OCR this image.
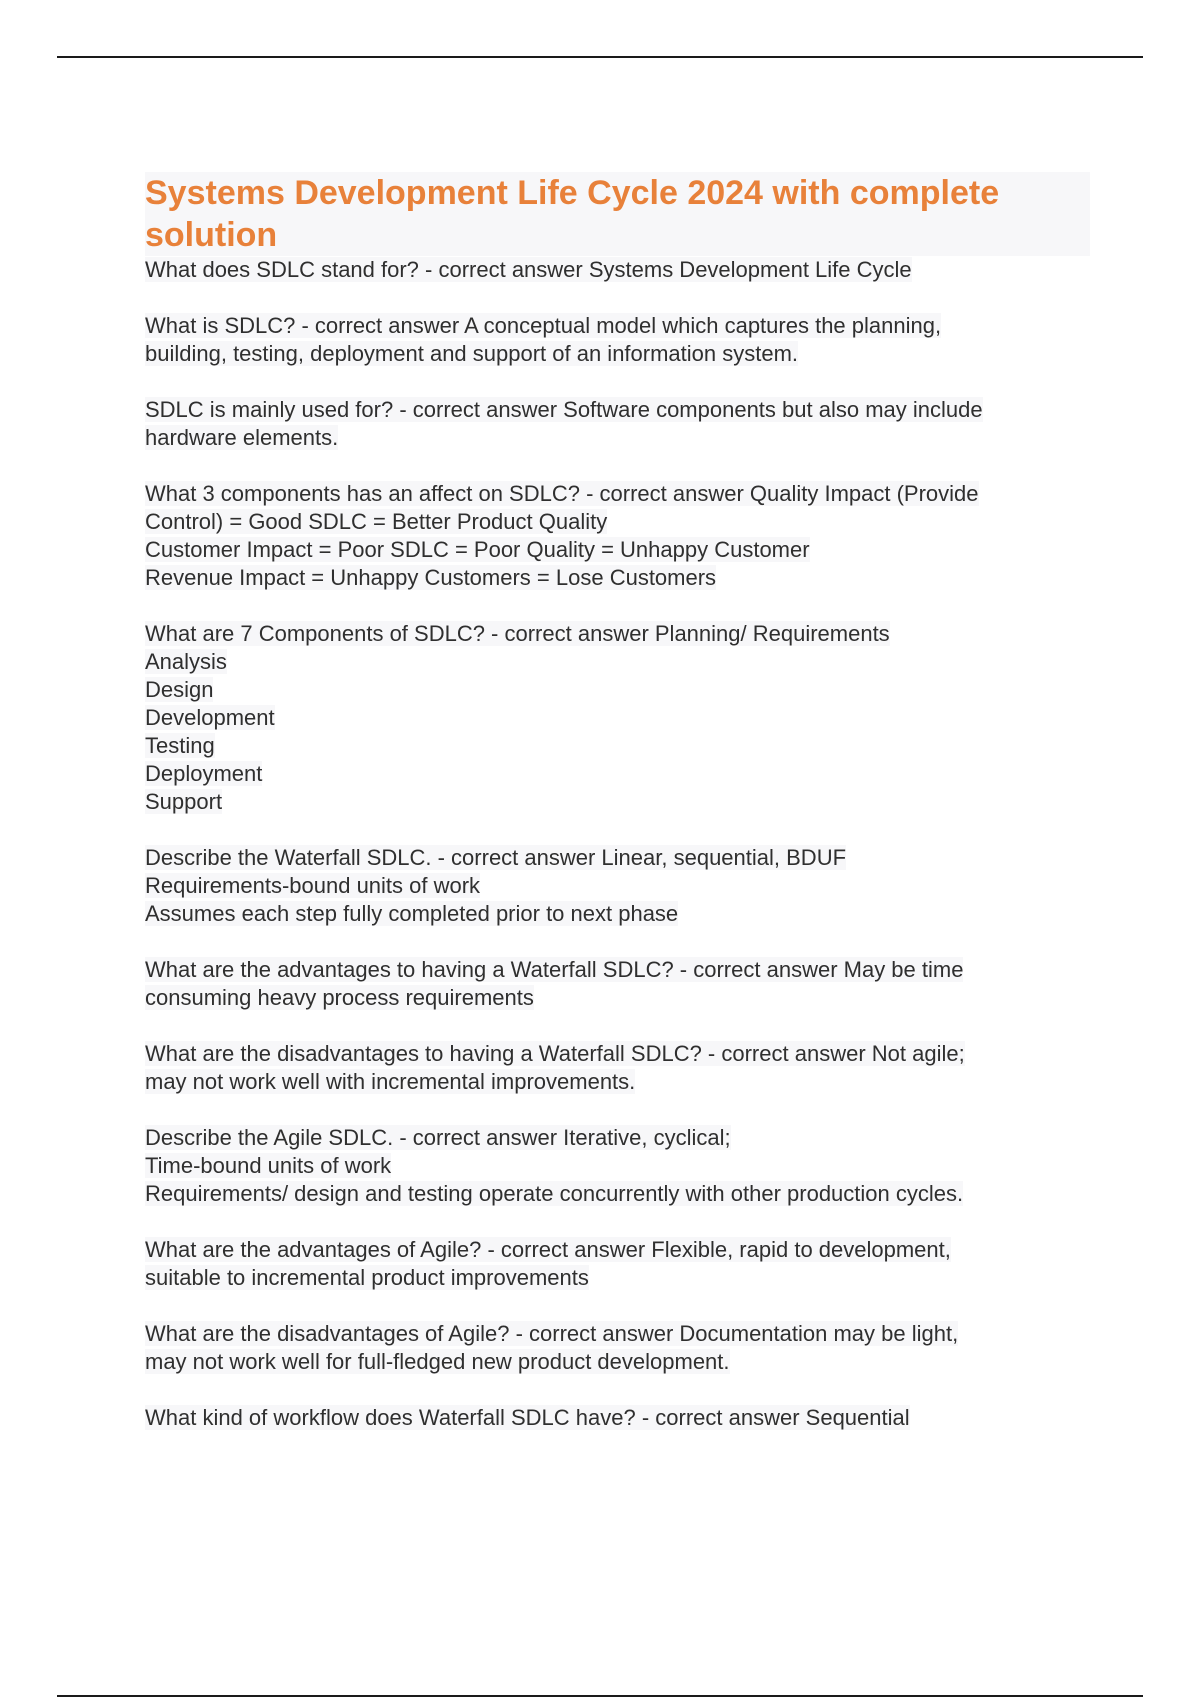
Systems Development Life Cycle 2024 with complete solution

What does SDLC stand for? - correct answer Systems Development Life Cycle

What is SDLC? - correct answer A conceptual model which captures the planning,
building, testing, deployment and support of an information system.

SDLC is mainly used for? - correct answer Software components but also may include
hardware elements.

What 3 components has an affect on SDLC? - correct answer Quality Impact (Provide
Control) = Good SDLC = Better Product Quality
Customer Impact = Poor SDLC = Poor Quality = Unhappy Customer
Revenue Impact = Unhappy Customers = Lose Customers

What are 7 Components of SDLC? - correct answer Planning/ Requirements
Analysis
Design
Development
Testing
Deployment
Support

Describe the Waterfall SDLC. - correct answer Linear, sequential, BDUF
Requirements-bound units of work
Assumes each step fully completed prior to next phase

What are the advantages to having a Waterfall SDLC? - correct answer May be time
consuming heavy process requirements

What are the disadvantages to having a Waterfall SDLC? - correct answer Not agile;
may not work well with incremental improvements.

Describe the Agile SDLC. - correct answer Iterative, cyclical;
Time-bound units of work
Requirements/ design and testing operate concurrently with other production cycles.

What are the advantages of Agile? - correct answer Flexible, rapid to development,
suitable to incremental product improvements

What are the disadvantages of Agile? - correct answer Documentation may be light,
may not work well for full-fledged new product development.

What kind of workflow does Waterfall SDLC have? - correct answer Sequential
